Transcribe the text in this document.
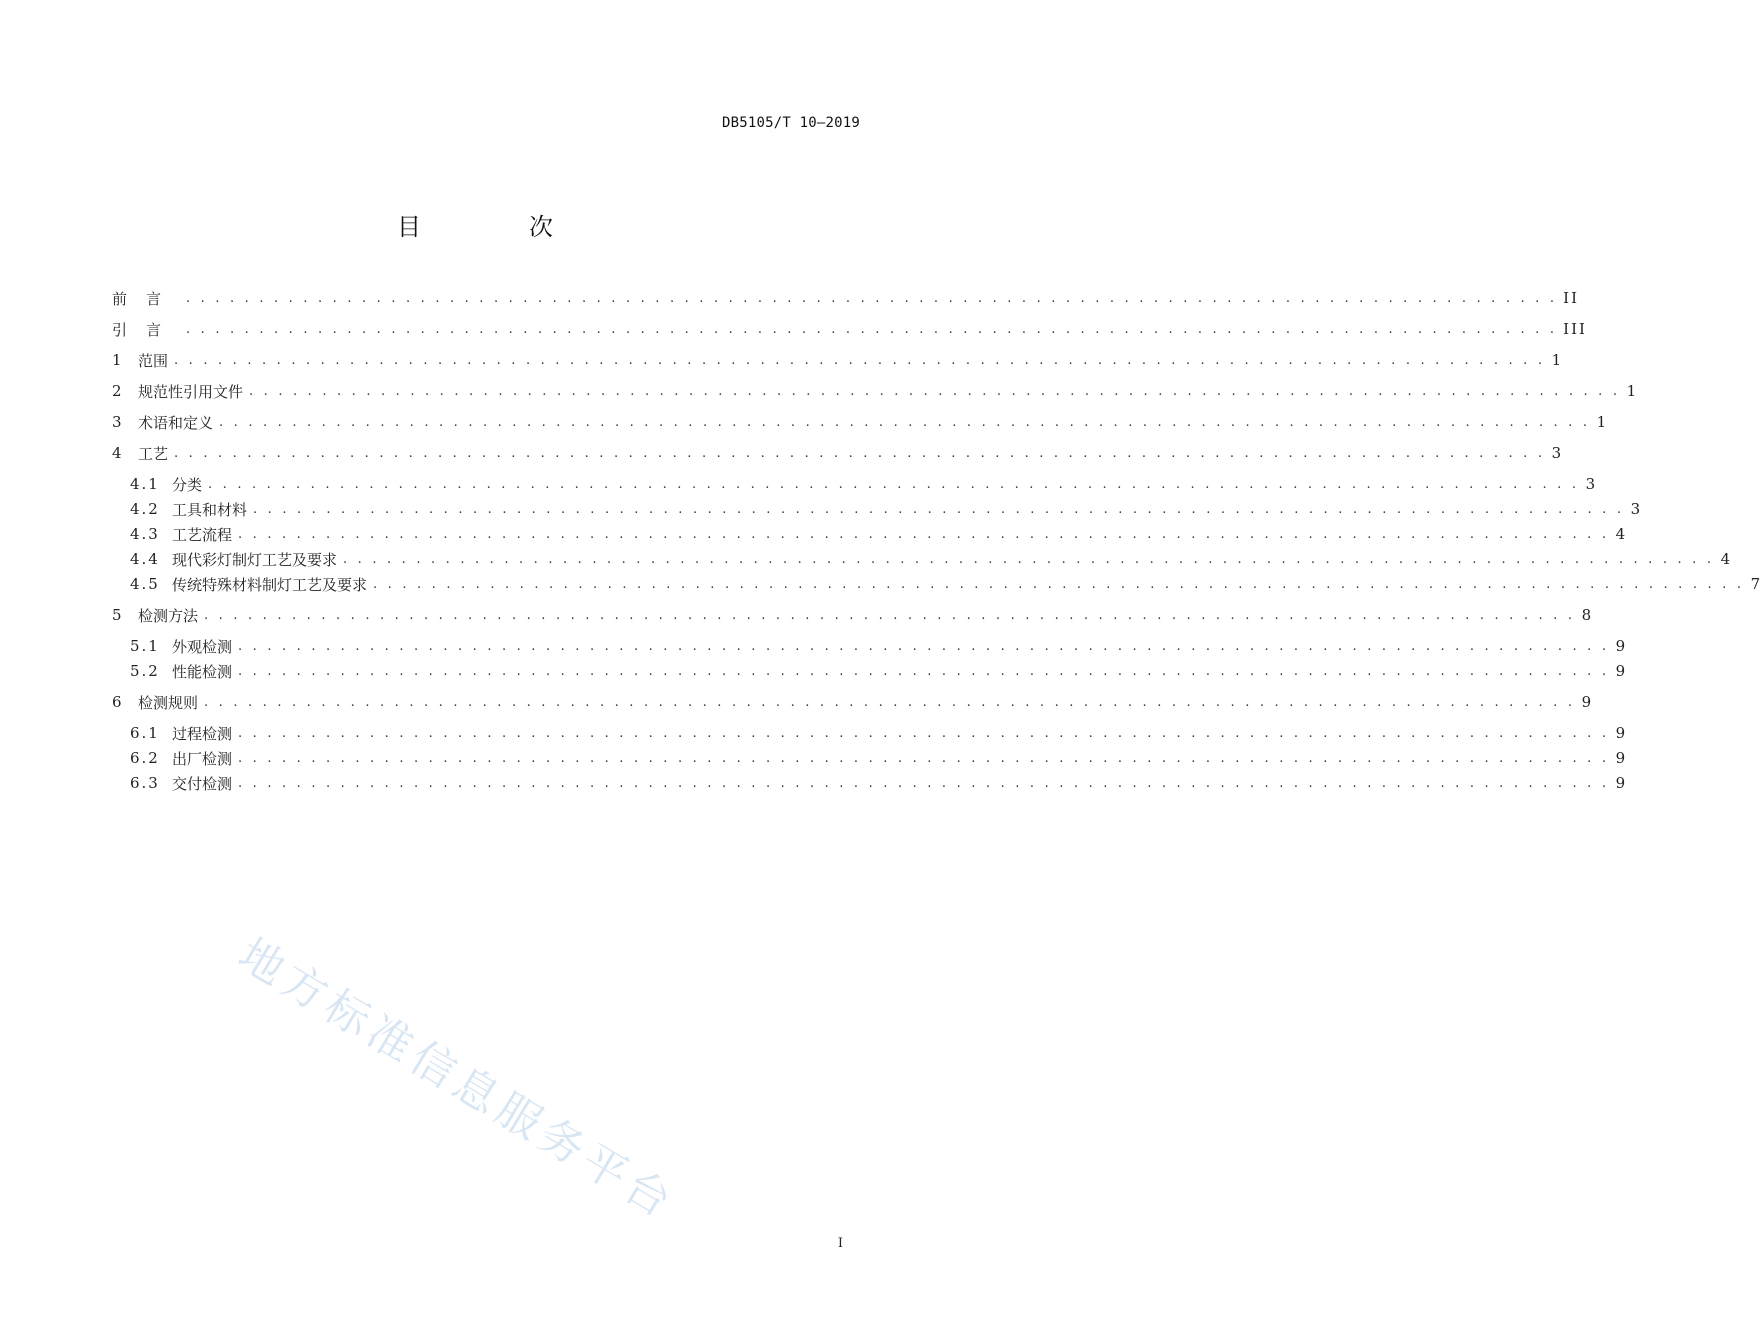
DB5105/T 10—2019
目　次
前言 . . . . . . . . . . . . . . . . . . . . . . . . . . . . . . . . . . . . . . . . . . . . . . . . . . . . . . . . . . . . . . . . . . . . . . . . . . . . . . . . . . . . . . . . . . . . . . II
引言 . . . . . . . . . . . . . . . . . . . . . . . . . . . . . . . . . . . . . . . . . . . . . . . . . . . . . . . . . . . . . . . . . . . . . . . . . . . . . . . . . . . . . . . . . . . . . . III
1	范围 . . . . . . . . . . . . . . . . . . . . . . . . . . . . . . . . . . . . . . . . . . . . . . . . . . . . . . . . . . . . . . . . . . . . . . . . . . . . . . . . . . . . . . . . . . . . . . 1
2	规范性引用文件 . . . . . . . . . . . . . . . . . . . . . . . . . . . . . . . . . . . . . . . . . . . . . . . . . . . . . . . . . . . . . . . . . . . . . . . . . . . . . . . . . . . . . . . . . . . . . . 1
3	术语和定义 . . . . . . . . . . . . . . . . . . . . . . . . . . . . . . . . . . . . . . . . . . . . . . . . . . . . . . . . . . . . . . . . . . . . . . . . . . . . . . . . . . . . . . . . . . . . . . 1
4	工艺 . . . . . . . . . . . . . . . . . . . . . . . . . . . . . . . . . . . . . . . . . . . . . . . . . . . . . . . . . . . . . . . . . . . . . . . . . . . . . . . . . . . . . . . . . . . . . . 3
4.1 分类 . . . . . . . . . . . . . . . . . . . . . . . . . . . . . . . . . . . . . . . . . . . . . . . . . . . . . . . . . . . . . . . . . . . . . . . . . . . . . . . . . . . . . . . . . . . . . . 3
4.2 工具和材料 . . . . . . . . . . . . . . . . . . . . . . . . . . . . . . . . . . . . . . . . . . . . . . . . . . . . . . . . . . . . . . . . . . . . . . . . . . . . . . . . . . . . . . . . . . . . . . 3
4.3 工艺流程 . . . . . . . . . . . . . . . . . . . . . . . . . . . . . . . . . . . . . . . . . . . . . . . . . . . . . . . . . . . . . . . . . . . . . . . . . . . . . . . . . . . . . . . . . . . . . . 4
4.4 现代彩灯制灯工艺及要求 . . . . . . . . . . . . . . . . . . . . . . . . . . . . . . . . . . . . . . . . . . . . . . . . . . . . . . . . . . . . . . . . . . . . . . . . . . . . . . . . . . . . . . . . . . . . . . 4
4.5 传统特殊材料制灯工艺及要求 . . . . . . . . . . . . . . . . . . . . . . . . . . . . . . . . . . . . . . . . . . . . . . . . . . . . . . . . . . . . . . . . . . . . . . . . . . . . . . . . . . . . . . . . . . . . . . 7
5	检测方法 . . . . . . . . . . . . . . . . . . . . . . . . . . . . . . . . . . . . . . . . . . . . . . . . . . . . . . . . . . . . . . . . . . . . . . . . . . . . . . . . . . . . . . . . . . . . . . 8
5.1 外观检测 . . . . . . . . . . . . . . . . . . . . . . . . . . . . . . . . . . . . . . . . . . . . . . . . . . . . . . . . . . . . . . . . . . . . . . . . . . . . . . . . . . . . . . . . . . . . . . 9
5.2 性能检测 . . . . . . . . . . . . . . . . . . . . . . . . . . . . . . . . . . . . . . . . . . . . . . . . . . . . . . . . . . . . . . . . . . . . . . . . . . . . . . . . . . . . . . . . . . . . . . 9
6	检测规则 . . . . . . . . . . . . . . . . . . . . . . . . . . . . . . . . . . . . . . . . . . . . . . . . . . . . . . . . . . . . . . . . . . . . . . . . . . . . . . . . . . . . . . . . . . . . . . 9
6.1 过程检测 . . . . . . . . . . . . . . . . . . . . . . . . . . . . . . . . . . . . . . . . . . . . . . . . . . . . . . . . . . . . . . . . . . . . . . . . . . . . . . . . . . . . . . . . . . . . . . 9
6.2 出厂检测 . . . . . . . . . . . . . . . . . . . . . . . . . . . . . . . . . . . . . . . . . . . . . . . . . . . . . . . . . . . . . . . . . . . . . . . . . . . . . . . . . . . . . . . . . . . . . . 9
6.3 交付检测 . . . . . . . . . . . . . . . . . . . . . . . . . . . . . . . . . . . . . . . . . . . . . . . . . . . . . . . . . . . . . . . . . . . . . . . . . . . . . . . . . . . . . . . . . . . . . . 9
地方标准信息服务平台
I
